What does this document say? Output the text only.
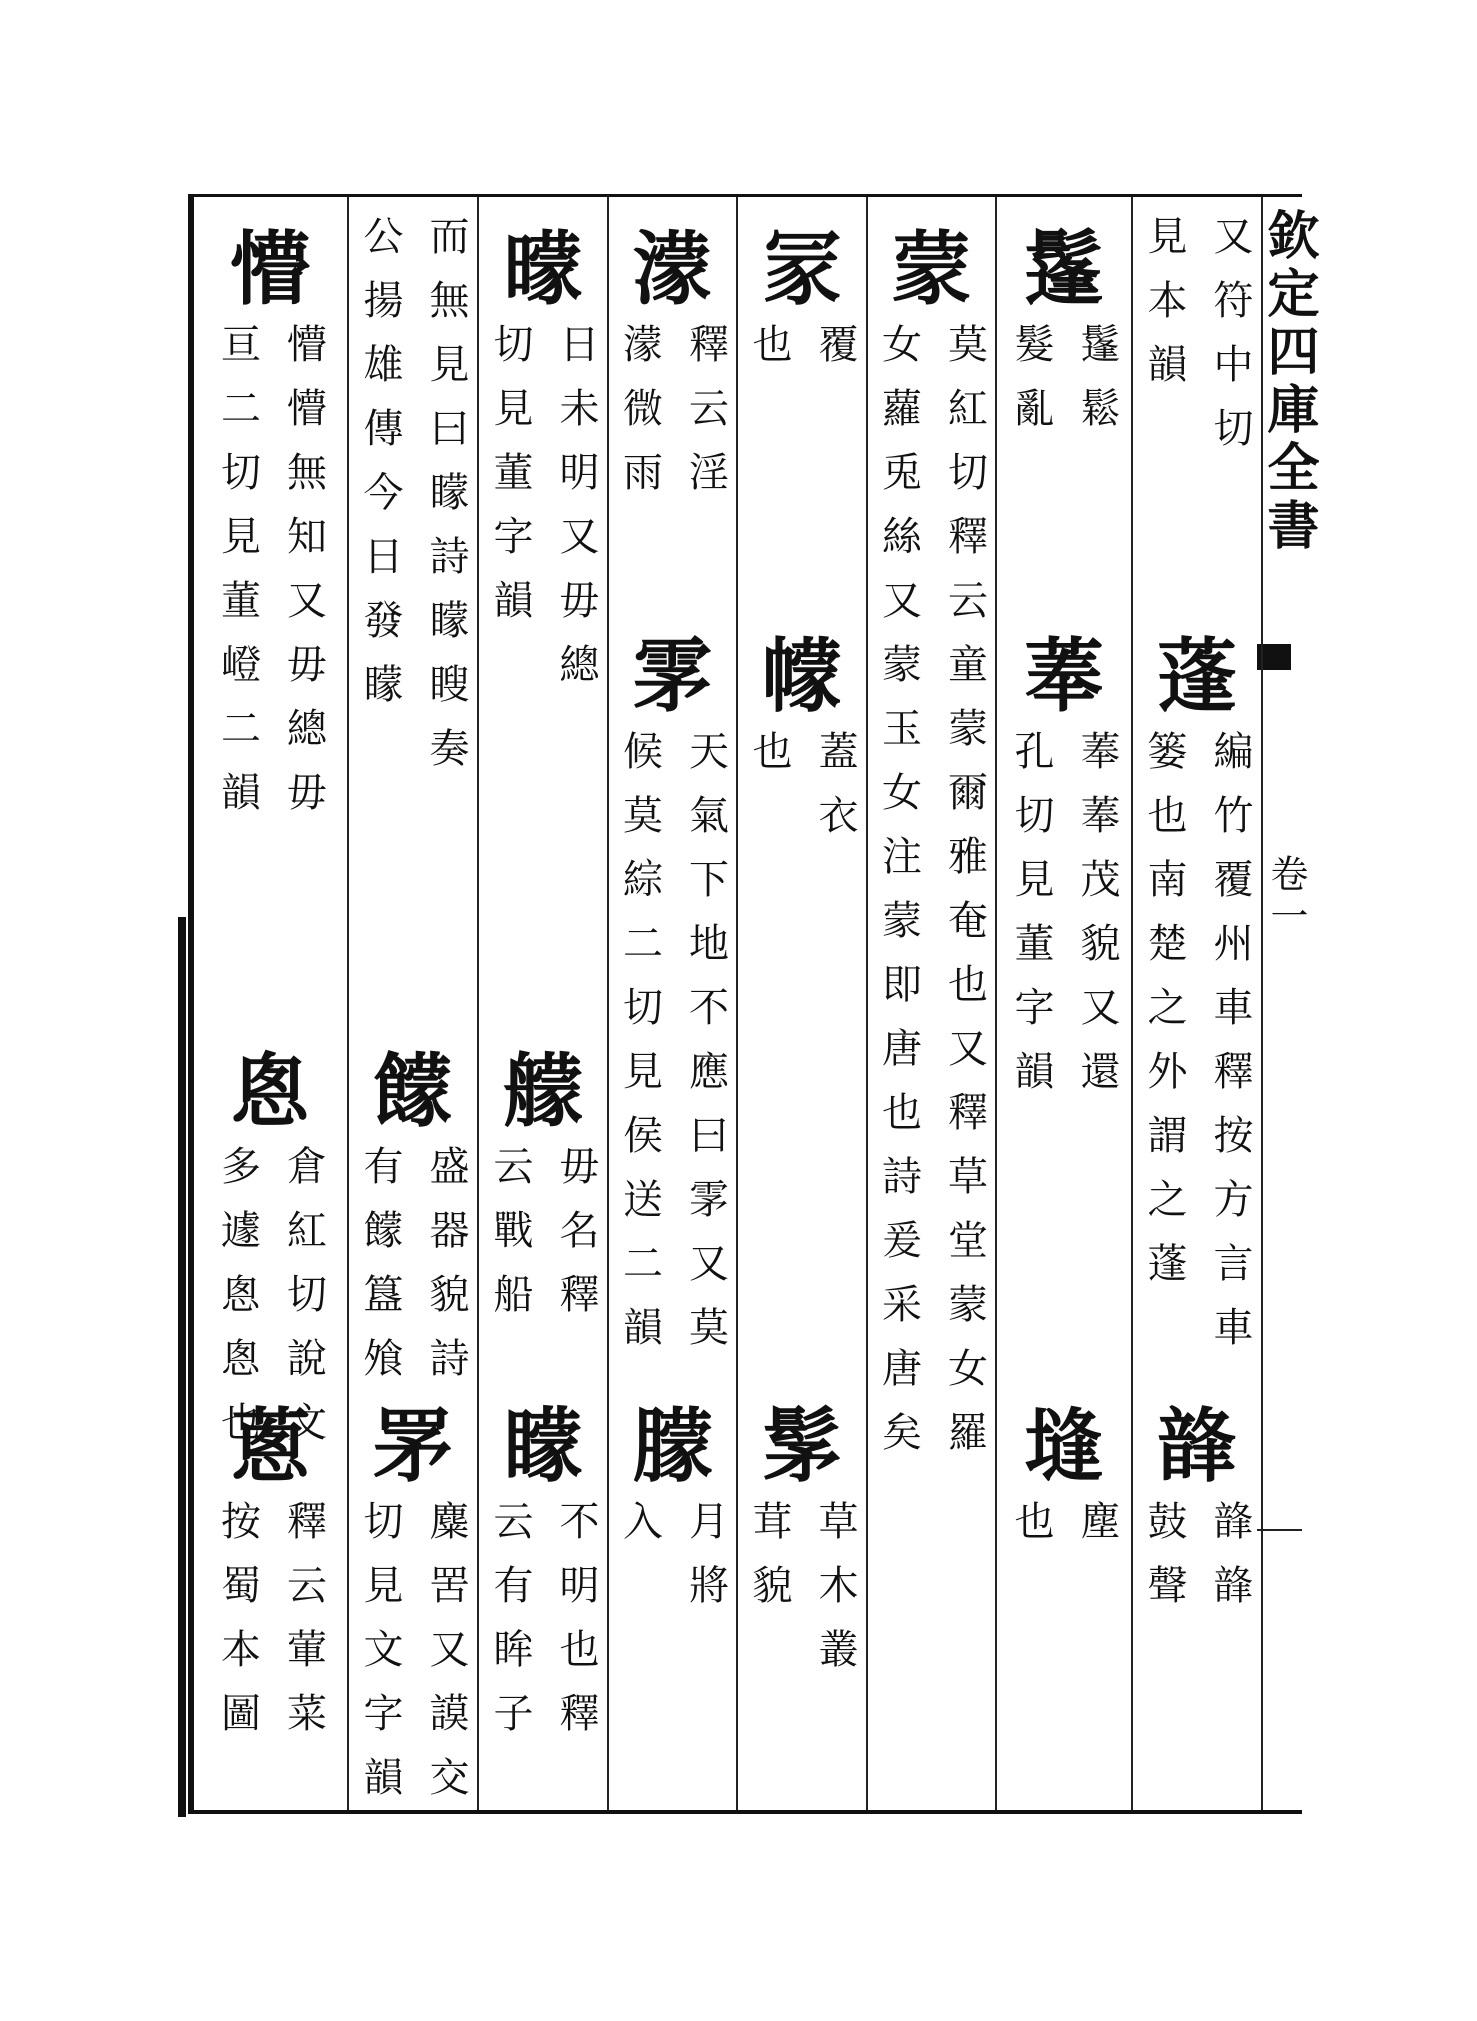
欽定四庫全書
卷一
又符中切
見本韻
蓬
編竹覆州車釋按方言車
篓也南楚之外謂之蓬
韸
韸韸
鼓聲
鬔
鬔鬆
髮亂
菶
菶菶茂貌又還
孔切見董字韻
塳
塵
也
蒙
莫紅切釋云童蒙爾雅奄也又釋草堂蒙女羅
女蘿兎絲又蒙玉女注蒙即唐也詩爰采唐矣
冡
覆
也
幪
蓋衣
也
髳
草木叢
茸貌
濛
釋云淫
濛微雨
雺
天氣下地不應曰雺又莫
候莫綜二切見侯送二韻
朦
月將
入
曚
日未明又毋總
切見董字韻
艨
毋名釋
云戰船
矇
不明也釋
云有眸子
而無見曰矇詩矇瞍奏
公揚雄傳今日發矇
饛
盛器貌詩
有饛簋飧
罞
麋罟又謨交
切見文字韻
懵
懵懵無知又毋總毋
亘二切見董嶝二韻
悤
倉紅切說文
多遽悤悤也
蔥
釋云葷菜
按蜀本圖
